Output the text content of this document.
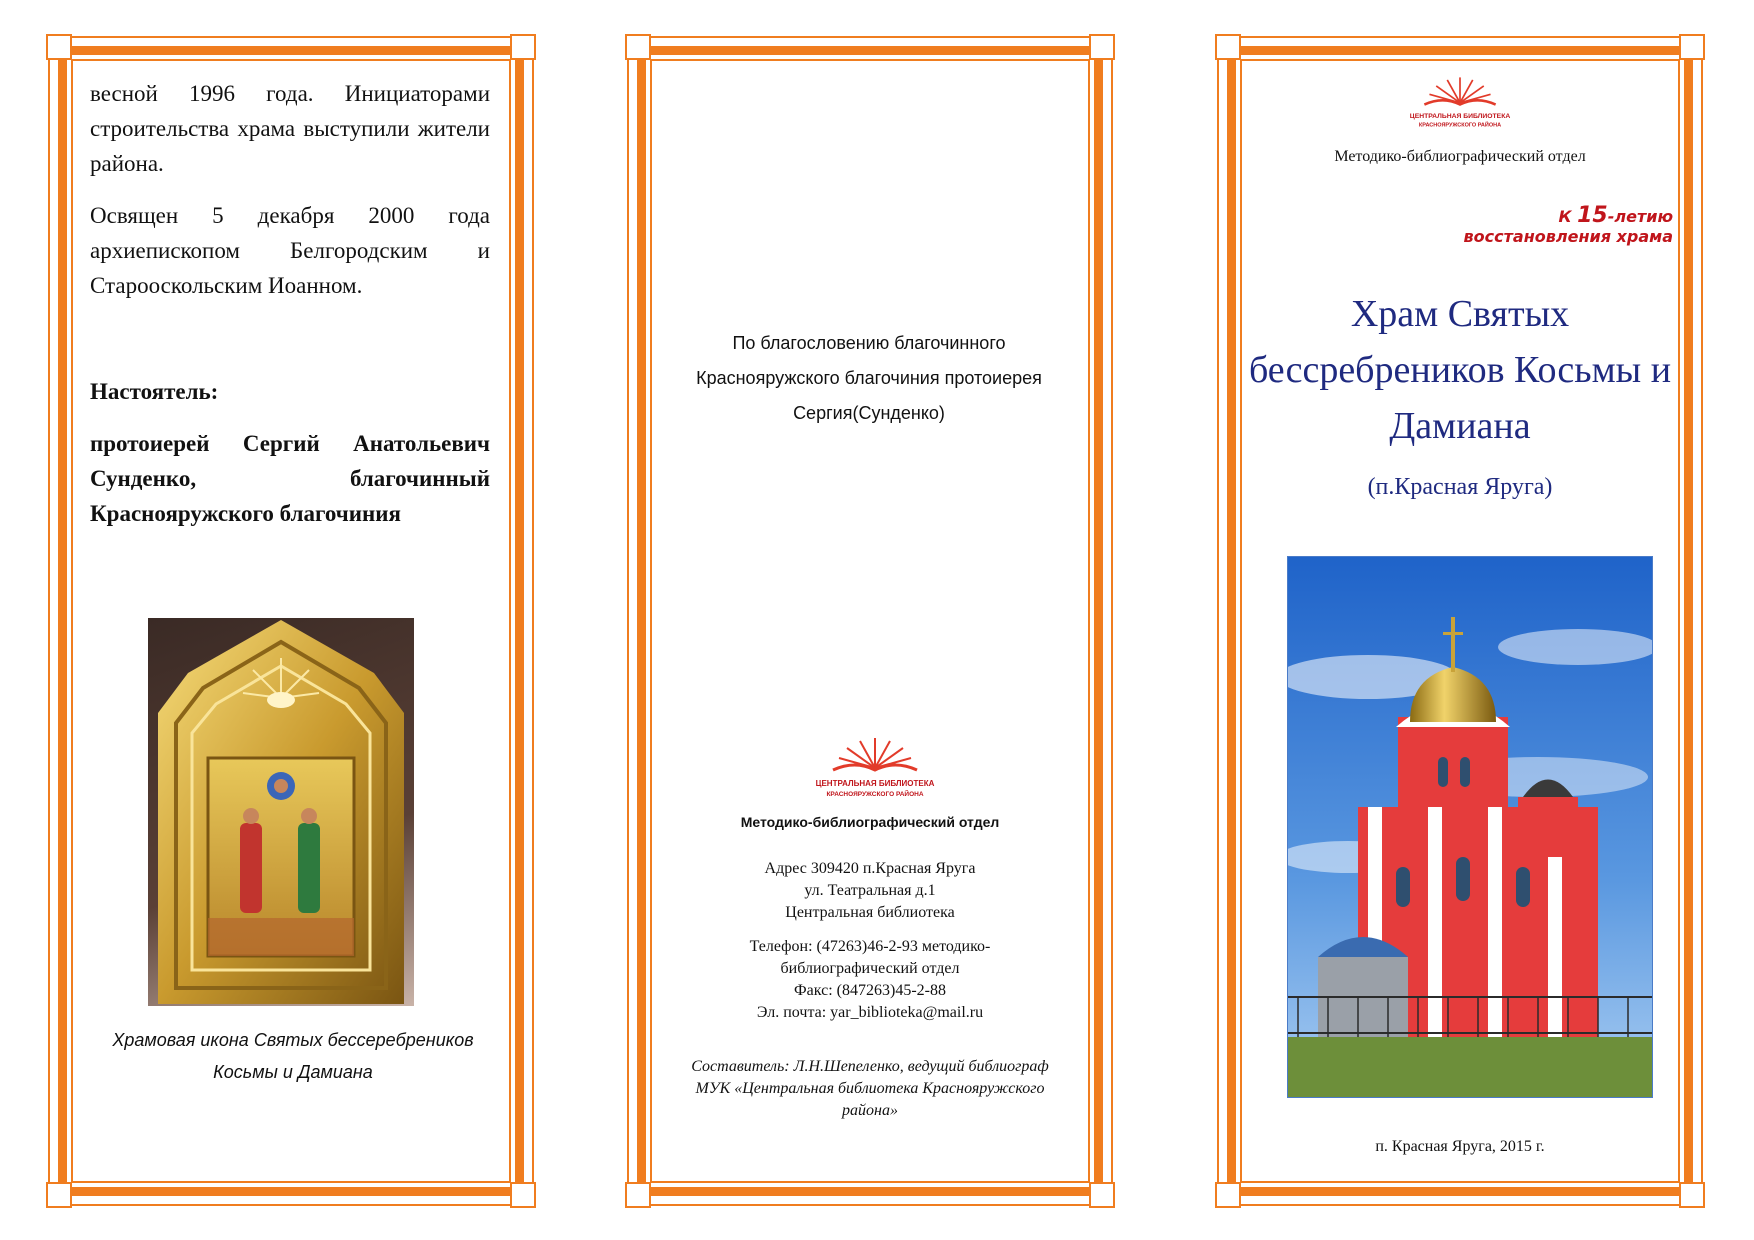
весной 1996 года. Инициаторами строительства храма выступили жители района.
Освящен 5 декабря 2000 года архиепископом Белгородским и Старооскольским Иоанном.
Настоятель:
протоиерей Сергий Анатольевич Сунденко, благочинный Краснояружского благочиния
Храмовая икона Святых бессеребреников Косьмы и Дамиана
По благословению благочинного Краснояружского благочиния протоиерея Сергия(Сунденко)
ЦЕНТРАЛЬНАЯ БИБЛИОТЕКА
КРАСНОЯРУЖСКОГО РАЙОНА
Методико-библиографический отдел
Адрес 309420 п.Красная Яруга
ул. Театральная д.1
Центральная библиотека
Телефон: (47263)46-2-93 методико-библиографический отдел
Факс: (847263)45-2-88
Эл. почта: yar_biblioteka@mail.ru
Составитель: Л.Н.Шепеленко, ведущий библиограф МУК «Центральная библиотека Краснояружского района»
ЦЕНТРАЛЬНАЯ БИБЛИОТЕКА
КРАСНОЯРУЖСКОГО РАЙОНА
Методико-библиографический отдел
К 15-летию
восстановления храма
Храм Святых бессребреников Косьмы и Дамиана
(п.Красная Яруга)
п. Красная Яруга, 2015 г.
